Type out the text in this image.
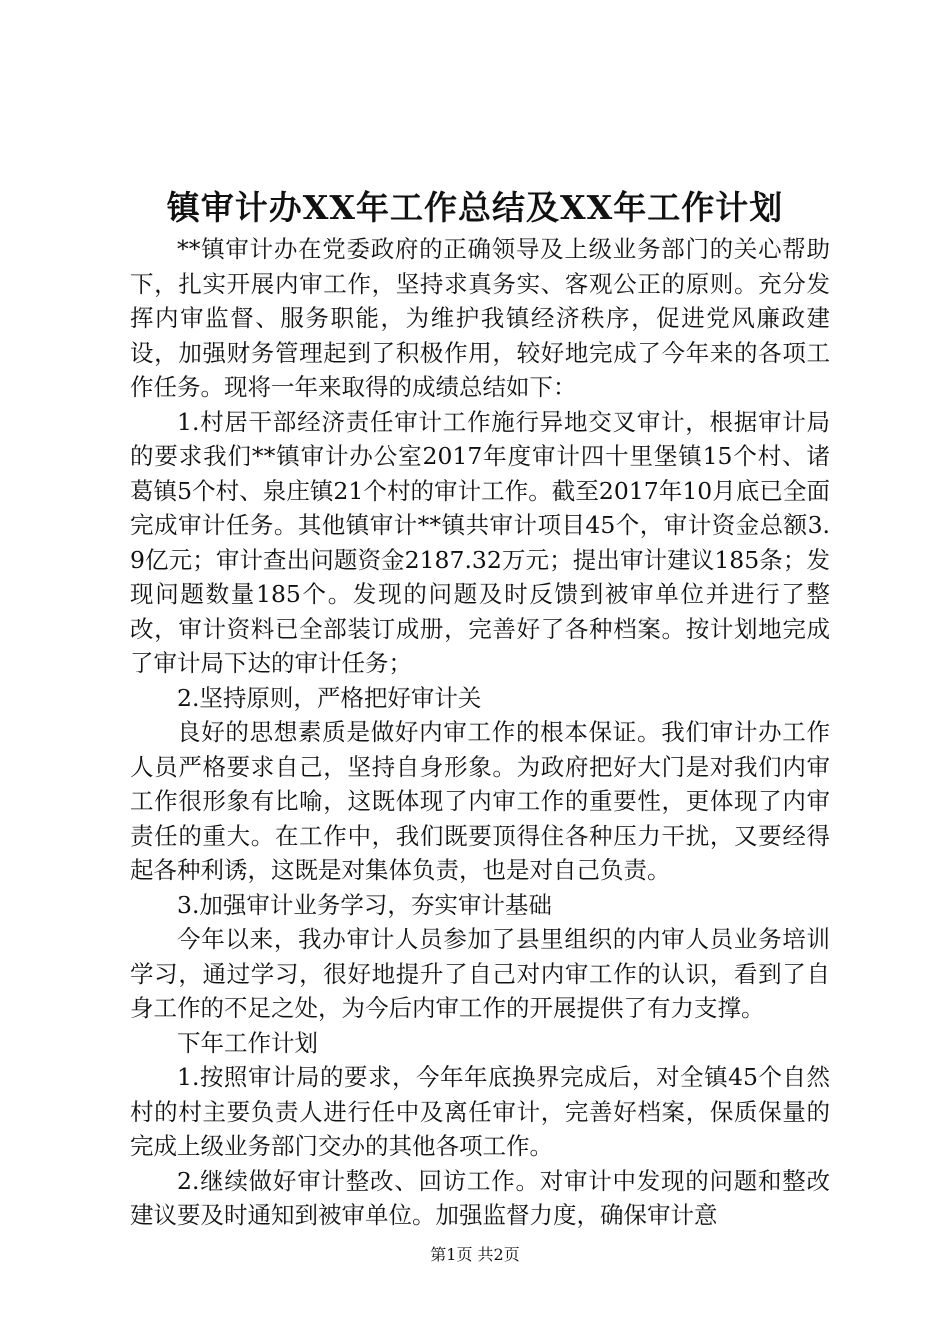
镇审计办XX年工作总结及XX年工作计划

**镇审计办在党委政府的正确领导及上级业务部门的关心帮助下，扎实开展内审工作，坚持求真务实、客观公正的原则。充分发挥内审监督、服务职能，为维护我镇经济秩序，促进党风廉政建设，加强财务管理起到了积极作用，较好地完成了今年来的各项工作任务。现将一年来取得的成绩总结如下：

1.村居干部经济责任审计工作施行异地交叉审计，根据审计局的要求我们**镇审计办公室2017年度审计四十里堡镇15个村、诸葛镇5个村、泉庄镇21个村的审计工作。截至2017年10月底已全面完成审计任务。其他镇审计**镇共审计项目45个，审计资金总额3.9亿元；审计查出问题资金2187.32万元；提出审计建议185条；发现问题数量185个。发现的问题及时反馈到被审单位并进行了整改，审计资料已全部装订成册，完善好了各种档案。按计划地完成了审计局下达的审计任务；

2.坚持原则，严格把好审计关

良好的思想素质是做好内审工作的根本保证。我们审计办工作人员严格要求自己，坚持自身形象。为政府把好大门是对我们内审工作很形象有比喻，这既体现了内审工作的重要性，更体现了内审责任的重大。在工作中，我们既要顶得住各种压力干扰，又要经得起各种利诱，这既是对集体负责，也是对自己负责。

3.加强审计业务学习，夯实审计基础

今年以来，我办审计人员参加了县里组织的内审人员业务培训学习，通过学习，很好地提升了自己对内审工作的认识，看到了自身工作的不足之处，为今后内审工作的开展提供了有力支撑。

下年工作计划

1.按照审计局的要求，今年年底换界完成后，对全镇45个自然村的村主要负责人进行任中及离任审计，完善好档案，保质保量的完成上级业务部门交办的其他各项工作。

2.继续做好审计整改、回访工作。对审计中发现的问题和整改建议要及时通知到被审单位。加强监督力度，确保审计意

第1页 共2页
